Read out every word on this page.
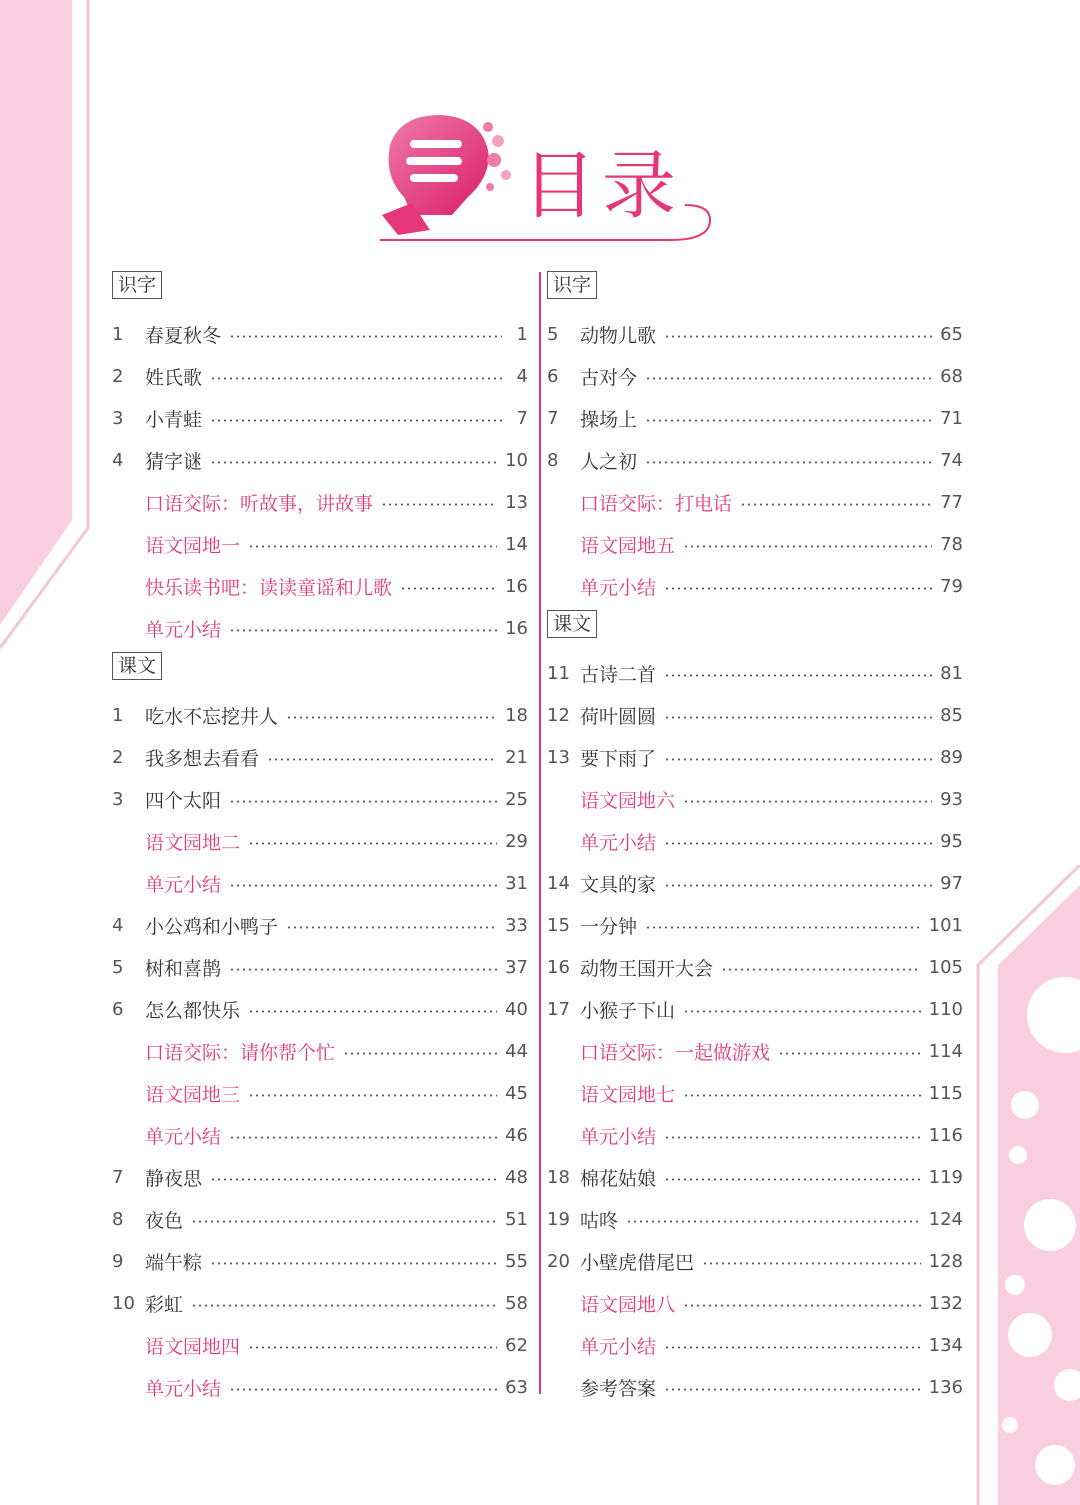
目录
识字

1	春夏秋冬	1
2	姓氏歌	4
3	小青蛙	7
4	猜字谜	10
口语交际：听故事，讲故事	13
语文园地一	14
快乐读书吧：读读童谣和儿歌	16
单元小结	16
课文

1	吃水不忘挖井人	18
2	我多想去看看	21
3	四个太阳	25
语文园地二	29
单元小结	31
4	小公鸡和小鸭子	33
5	树和喜鹊	37
6	怎么都快乐	40
口语交际：请你帮个忙	44
语文园地三	45
单元小结	46
7	静夜思	48
8	夜色	51
9	端午粽	55
10 彩虹	58
语文园地四	62
单元小结	63
识字

5	动物儿歌	65
6	古对今	68
7	操场上	71
8	人之初	74
口语交际：打电话	77
语文园地五	78
单元小结	79
课文

11 古诗二首	81
12 荷叶圆圆	85
13 要下雨了	89
语文园地六	93
单元小结	95
14 文具的家	97
15 一分钟	101
16 动物王国开大会	105
17 小猴子下山	110
口语交际：一起做游戏	114
语文园地七	115
单元小结	116
18 棉花姑娘	119
19 咕咚	124
20 小壁虎借尾巴	128
语文园地八	132
单元小结	134
参考答案	136
